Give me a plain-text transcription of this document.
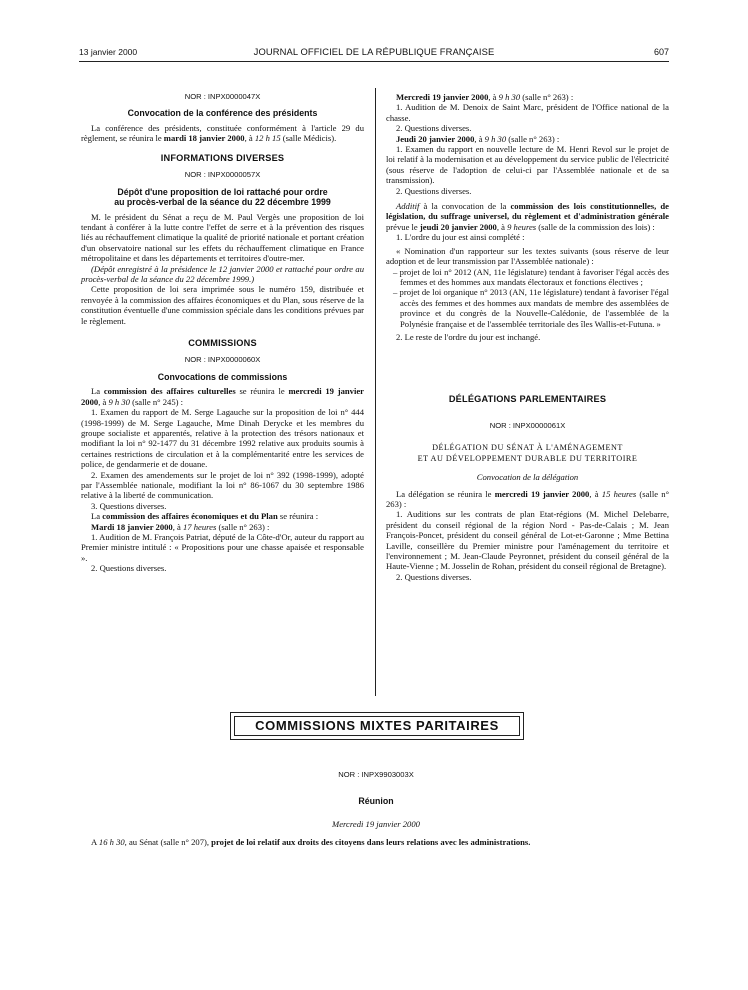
13 janvier 2000	JOURNAL OFFICIEL DE LA RÉPUBLIQUE FRANÇAISE	607

NOR : INPX0000047X

Convocation de la conférence des présidents

La conférence des présidents, constituée conformément à l'article 29 du règlement, se réunira le mardi 18 janvier 2000, à 12 h 15 (salle Médicis).

INFORMATIONS DIVERSES

NOR : INPX0000057X

Dépôt d'une proposition de loi rattaché pour ordre
au procès-verbal de la séance du 22 décembre 1999

M. le président du Sénat a reçu de M. Paul Vergès une proposition de loi tendant à conférer à la lutte contre l'effet de serre et à la prévention des risques liés au réchauffement climatique la qualité de priorité nationale et portant création d'un observatoire national sur les effets du réchauffement climatique en France métropolitaine et dans les départements et territoires d'outre-mer.

(Dépôt enregistré à la présidence le 12 janvier 2000 et rattaché pour ordre au procès-verbal de la séance du 22 décembre 1999.)

Cette proposition de loi sera imprimée sous le numéro 159, distribuée et renvoyée à la commission des affaires économiques et du Plan, sous réserve de la constitution éventuelle d'une commission spéciale dans les conditions prévues par le règlement.

COMMISSIONS

NOR : INPX0000060X

Convocations de commissions

La commission des affaires culturelles se réunira le mercredi 19 janvier 2000, à 9 h 30 (salle n° 245) :

1. Examen du rapport de M. Serge Lagauche sur la proposition de loi n° 444 (1998-1999) de M. Serge Lagauche, Mme Dinah Derycke et les membres du groupe socialiste et apparentés, relative à la protection des trésors nationaux et modifiant la loi n° 92-1477 du 31 décembre 1992 relative aux produits soumis à certaines restrictions de circulation et à la complémentarité entre les services de police, de gendarmerie et de douane.

2. Examen des amendements sur le projet de loi n° 392 (1998-1999), adopté par l'Assemblée nationale, modifiant la loi n° 86-1067 du 30 septembre 1986 relative à la liberté de communication.

3. Questions diverses.

La commission des affaires économiques et du Plan se réunira :

Mardi 18 janvier 2000, à 17 heures (salle n° 263) :

1. Audition de M. François Patriat, député de la Côte-d'Or, auteur du rapport au Premier ministre intitulé : « Propositions pour une chasse apaisée et responsable ».

2. Questions diverses.

Mercredi 19 janvier 2000, à 9 h 30 (salle n° 263) :

1. Audition de M. Denoix de Saint Marc, président de l'Office national de la chasse.

2. Questions diverses.

Jeudi 20 janvier 2000, à 9 h 30 (salle n° 263) :

1. Examen du rapport en nouvelle lecture de M. Henri Revol sur le projet de loi relatif à la modernisation et au développement du service public de l'électricité (sous réserve de l'adoption de celui-ci par l'Assemblée nationale et de sa transmission).

2. Questions diverses.

Additif à la convocation de la commission des lois constitutionnelles, de législation, du suffrage universel, du règlement et d'administration générale prévue le jeudi 20 janvier 2000, à 9 heures (salle de la commission des lois) :

1. L'ordre du jour est ainsi complété :

« Nomination d'un rapporteur sur les textes suivants (sous réserve de leur adoption et de leur transmission par l'Assemblée nationale) :

– projet de loi n° 2012 (AN, 11e législature) tendant à favoriser l'égal accès des femmes et des hommes aux mandats électoraux et fonctions électives ;

– projet de loi organique n° 2013 (AN, 11e législature) tendant à favoriser l'égal accès des femmes et des hommes aux mandats de membre des assemblées de province et du congrès de la Nouvelle-Calédonie, de l'assemblée de la Polynésie française et de l'assemblée territoriale des îles Wallis-et-Futuna. »

2. Le reste de l'ordre du jour est inchangé.

DÉLÉGATIONS PARLEMENTAIRES

NOR : INPX0000061X

DÉLÉGATION DU SÉNAT À L'AMÉNAGEMENT
ET AU DÉVELOPPEMENT DURABLE DU TERRITOIRE

Convocation de la délégation

La délégation se réunira le mercredi 19 janvier 2000, à 15 heures (salle n° 263) :

1. Auditions sur les contrats de plan Etat-régions (M. Michel Delebarre, président du conseil régional de la région Nord - Pas-de-Calais ; M. Jean François-Poncet, président du conseil général de Lot-et-Garonne ; Mme Bettina Laville, conseillère du Premier ministre pour l'aménagement du territoire et l'environnement ; M. Jean-Claude Peyronnet, président du conseil général de la Haute-Vienne ; M. Josselin de Rohan, président du conseil régional de Bretagne).

2. Questions diverses.

COMMISSIONS MIXTES PARITAIRES

NOR : INPX9903003X

Réunion

Mercredi 19 janvier 2000

A 16 h 30, au Sénat (salle n° 207), projet de loi relatif aux droits des citoyens dans leurs relations avec les administrations.
